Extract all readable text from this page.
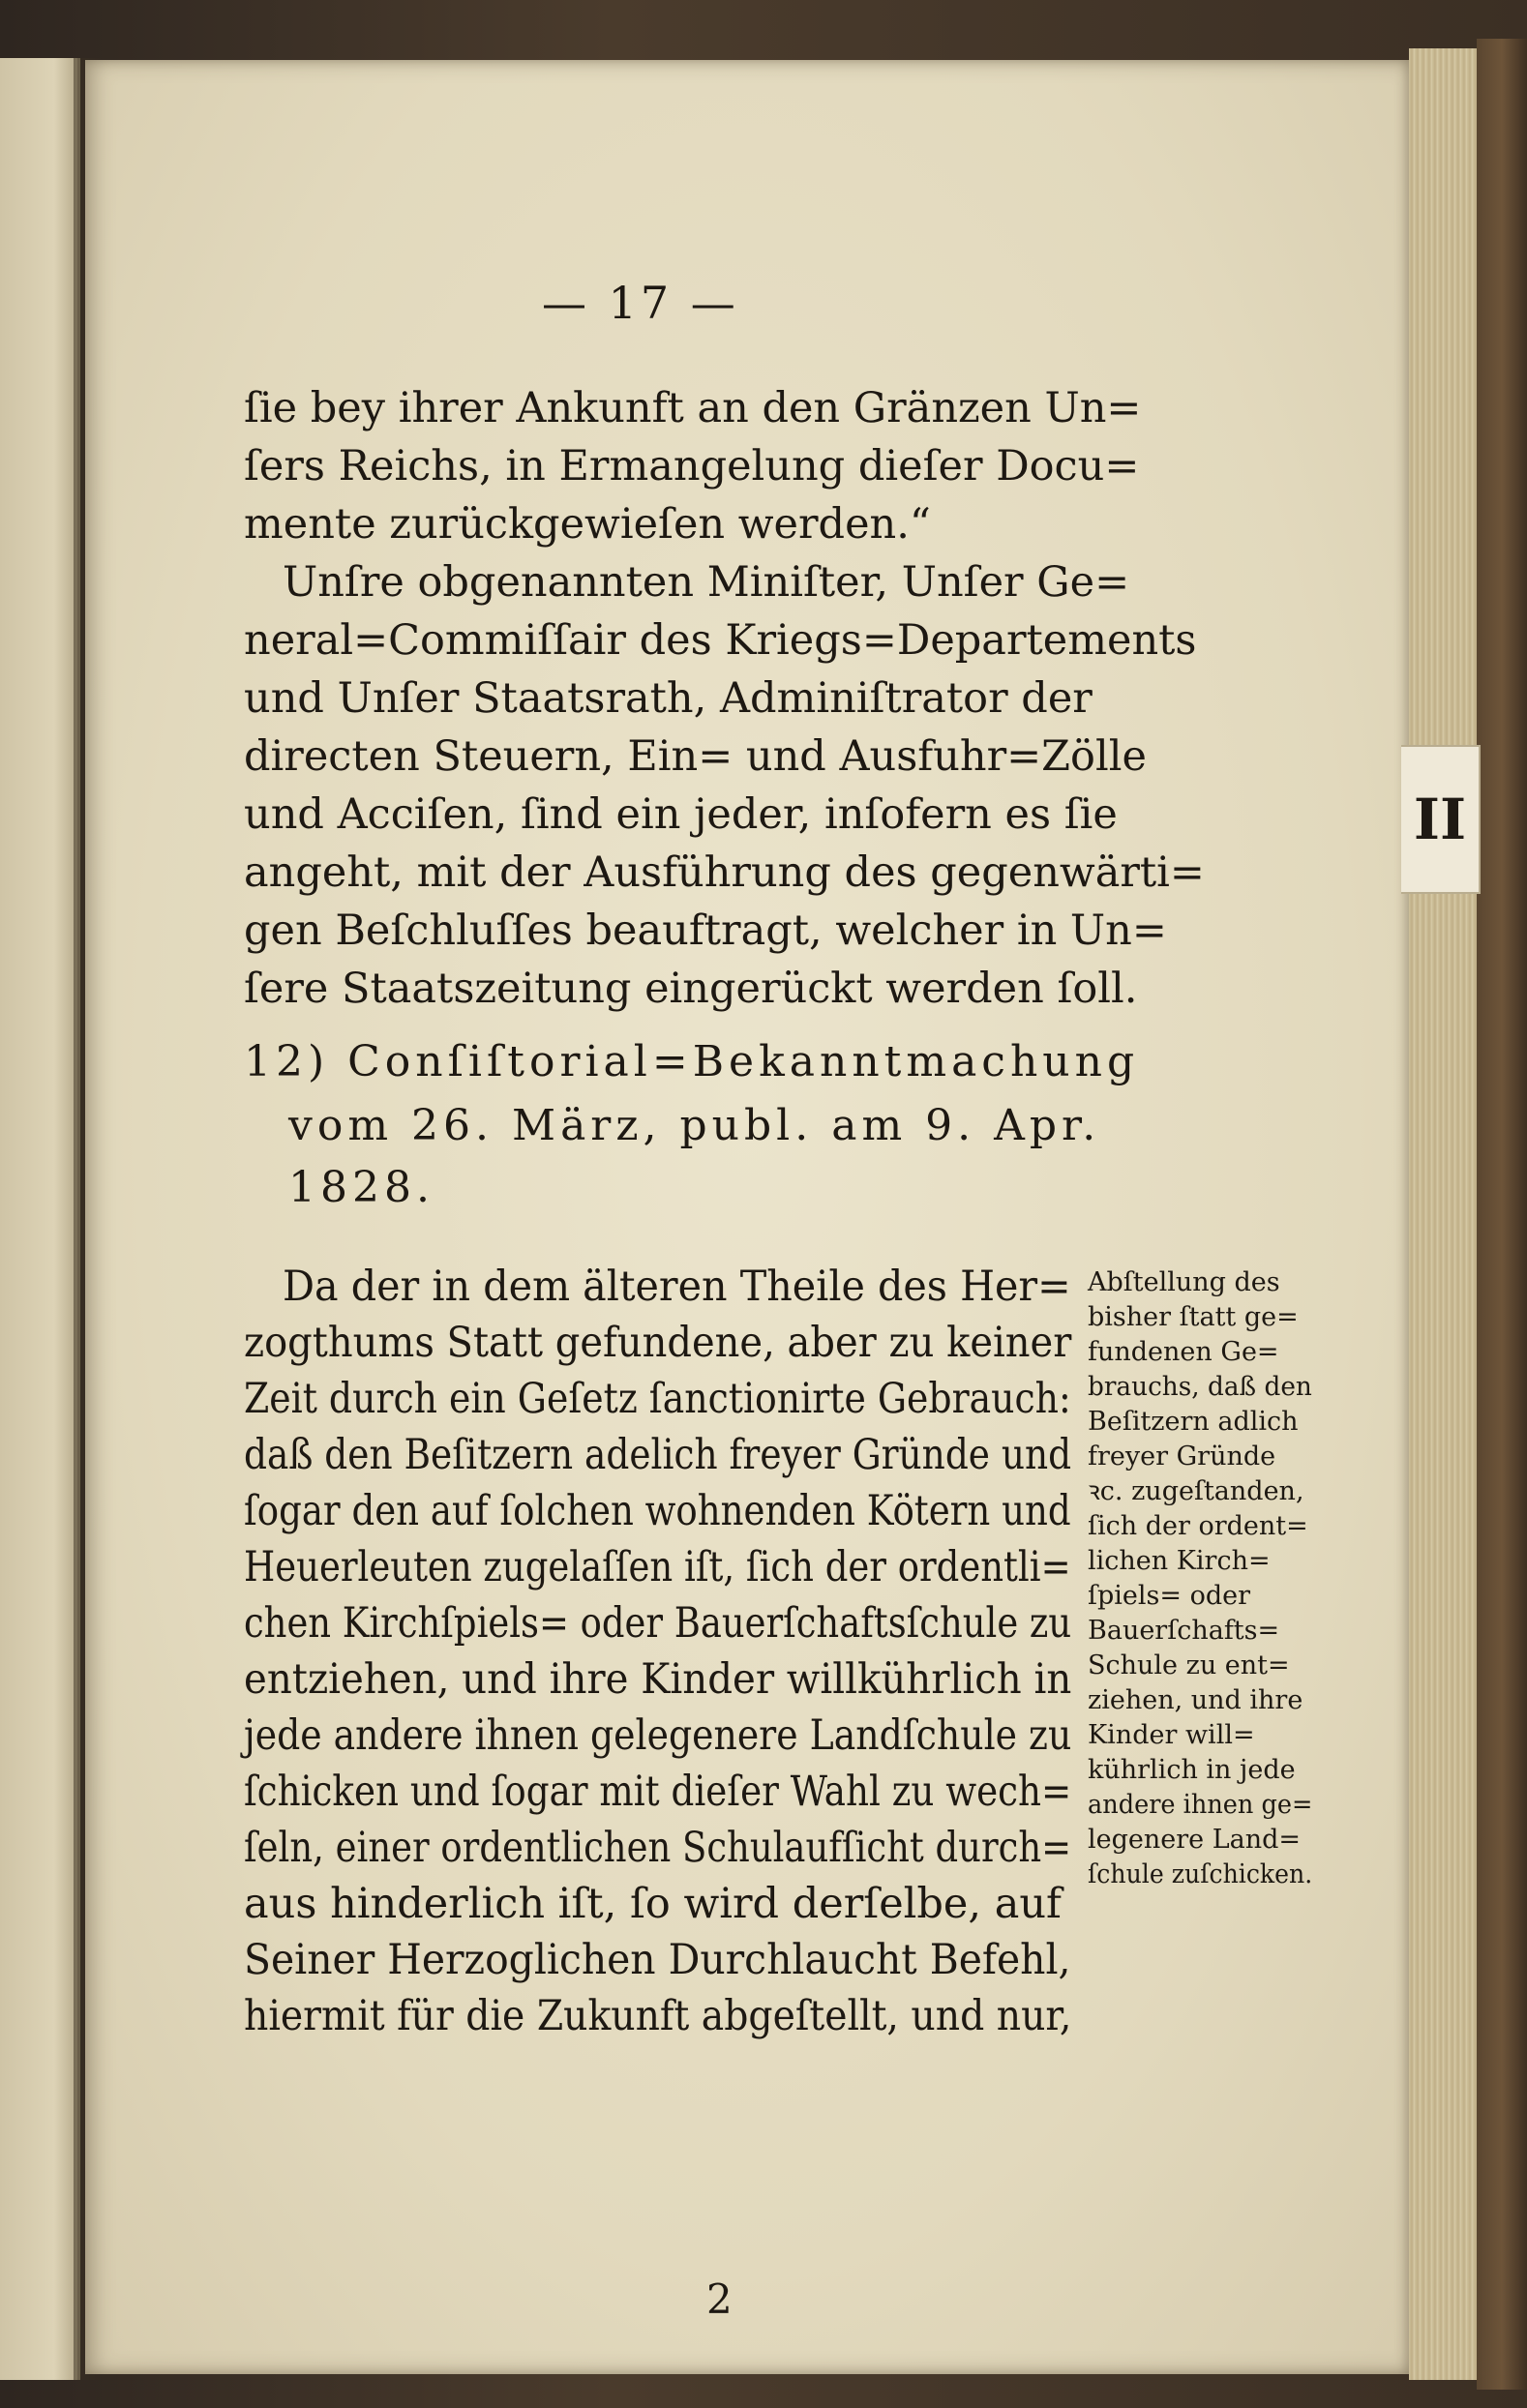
II
— 17 —
ſie bey ihrer Ankunft an den Gränzen Un=
ſers Reichs, in Ermangelung dieſer Docu=
mente zurückgewieſen werden.“
Unſre obgenannten Miniſter, Unſer Ge=
neral=Commiſſair des Kriegs=Departements
und Unſer Staatsrath, Adminiſtrator der
directen Steuern, Ein= und Ausfuhr=Zölle
und Acciſen, ſind ein jeder, inſofern es ſie
angeht, mit der Ausführung des gegenwärti=
gen Beſchluſſes beauftragt, welcher in Un=
ſere Staatszeitung eingerückt werden ſoll.
12) Conſiſtorial=Bekanntmachung
vom 26. März, publ. am 9. Apr.
1828.
Da der in dem älteren Theile des Her=
zogthums Statt gefundene, aber zu keiner
Zeit durch ein Geſetz ſanctionirte Gebrauch:
daß den Beſitzern adelich freyer Gründe und
ſogar den auf ſolchen wohnenden Kötern und
Heuerleuten zugelaſſen iſt, ſich der ordentli=
chen Kirchſpiels= oder Bauerſchaftsſchule zu
entziehen, und ihre Kinder willkührlich in
jede andere ihnen gelegenere Landſchule zu
ſchicken und ſogar mit dieſer Wahl zu wech=
ſeln, einer ordentlichen Schulaufſicht durch=
aus hinderlich iſt, ſo wird derſelbe, auf
Seiner Herzoglichen Durchlaucht Befehl,
hiermit für die Zukunft abgeſtellt, und nur,
Abſtellung des
bisher ſtatt ge=
fundenen Ge=
brauchs, daß den
Beſitzern adlich
freyer Gründe
ꝛc. zugeſtanden,
ſich der ordent=
lichen Kirch=
ſpiels= oder
Bauerſchafts=
Schule zu ent=
ziehen, und ihre
Kinder will=
kührlich in jede
andere ihnen ge=
legenere Land=
ſchule zuſchicken.
2
